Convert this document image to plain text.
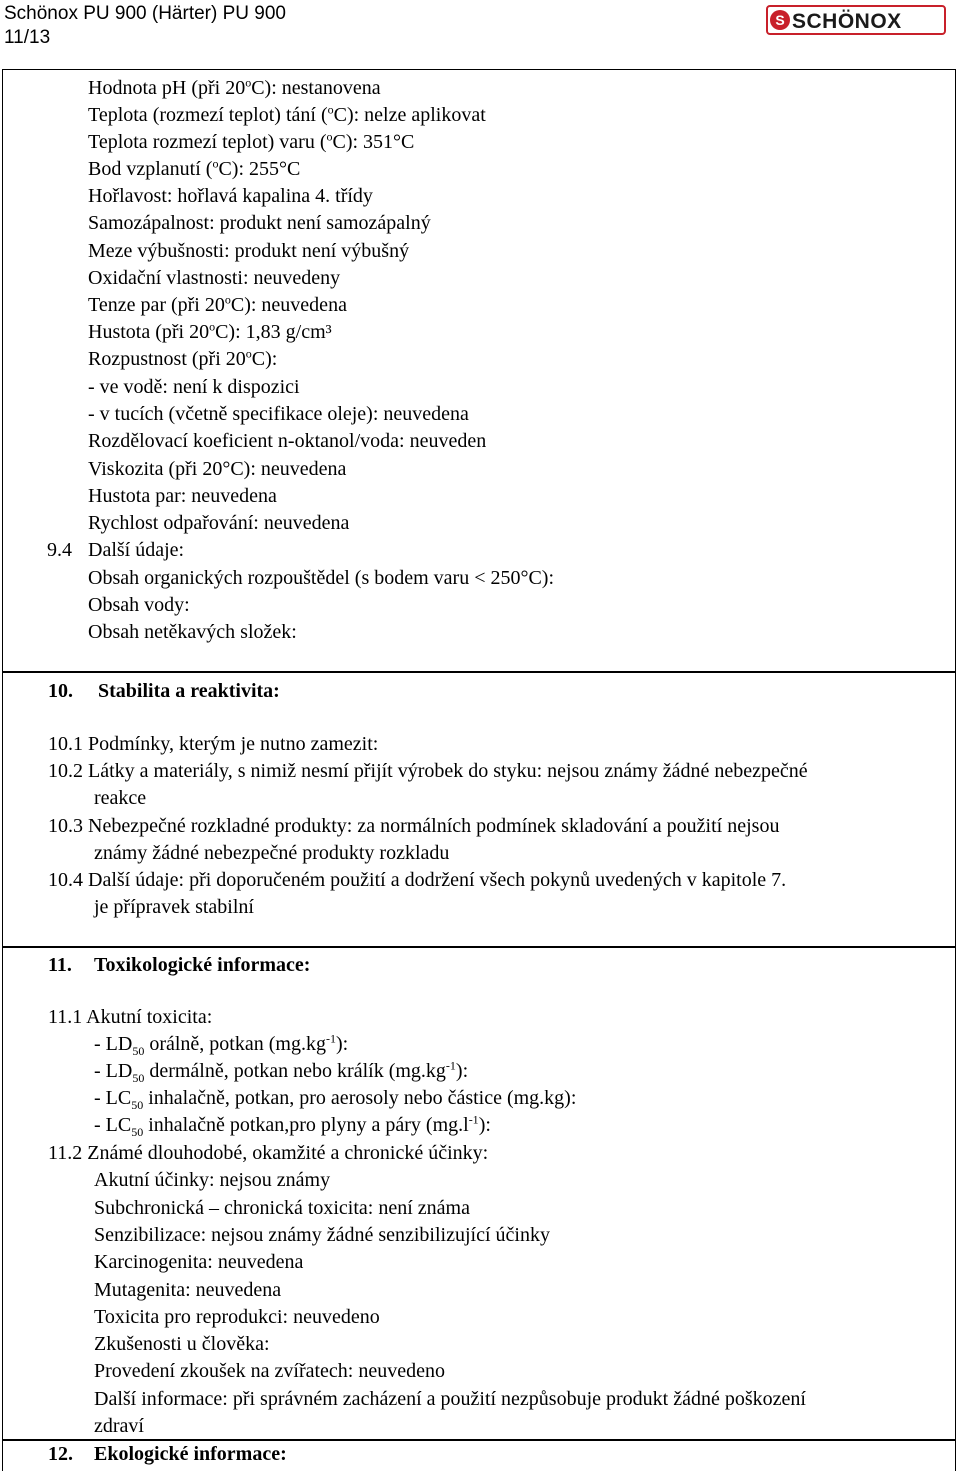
Schönox PU 900 (Härter) PU 900
11/13
S SCHÖNOX
Hodnota pH (při 20$^o$C): nestanovena
Teplota (rozmezí teplot) tání ($^o$C): nelze aplikovat
Teplota rozmezí teplot) varu ($^o$C): 351°C
Bod vzplanutí ($^o$C): 255°C
Hořlavost: hořlavá kapalina 4. třídy
Samozápalnost: produkt není samozápalný
Meze výbušnosti: produkt není výbušný
Oxidační vlastnosti: neuvedeny
Tenze par (při 20$^o$C): neuvedena
Hustota (při 20$^o$C): 1,83 g/cm³
Rozpustnost (při 20$^o$C):
- ve vodě: není k dispozici
- v tucích (včetně specifikace oleje): neuvedena
Rozdělovací koeficient n-oktanol/voda: neuveden
Viskozita (při 20°C): neuvedena
Hustota par: neuvedena
Rychlost odpařování: neuvedena
9.4 Další údaje:
Obsah organických rozpouštědel (s bodem varu < 250°C):
Obsah vody:
Obsah netěkavých složek:
10. Stabilita a reaktivita:
10.1 Podmínky, kterým je nutno zamezit:
10.2 Látky a materiály, s nimiž nesmí přijít výrobek do styku: nejsou známy žádné nebezpečné
reakce
10.3 Nebezpečné rozkladné produkty: za normálních podmínek skladování a použití nejsou
známy žádné nebezpečné produkty rozkladu
10.4 Další údaje: při doporučeném použití a dodržení všech pokynů uvedených v kapitole 7.
je přípravek stabilní
11. Toxikologické informace:
11.1 Akutní toxicita:
- $LD_{50}$ orálně, potkan $(mg.kg^{-1})$:
- $LD_{50}$ dermálně, potkan nebo králík $(mg.kg^{-1})$:
- $LC_{50}$ inhalačně, potkan, pro aerosoly nebo částice (mg.kg):
- $LC_{50}$ inhalačně potkan,pro plyny a páry $(mg.l^{-1})$:
11.2 Známé dlouhodobé, okamžité a chronické účinky:
Akutní účinky: nejsou známy
Subchronická – chronická toxicita: není známa
Senzibilizace: nejsou známy žádné senzibilizující účinky
Karcinogenita: neuvedena
Mutagenita: neuvedena
Toxicita pro reprodukci: neuvedeno
Zkušenosti u člověka:
Provedení zkoušek na zvířatech: neuvedeno
Další informace: při správném zacházení a použití nezpůsobuje produkt žádné poškození
zdraví
12. Ekologické informace:
